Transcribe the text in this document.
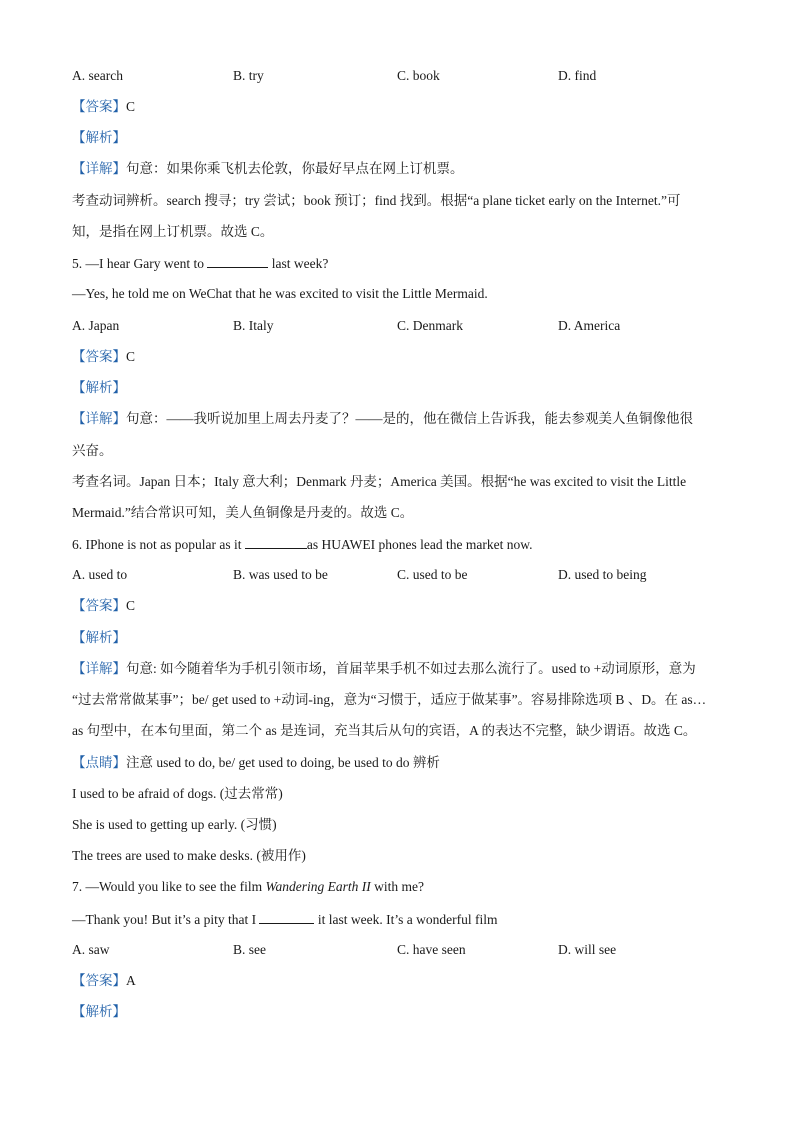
A. search	B. try	C. book	D. find
【答案】C
【解析】
【详解】句意：如果你乘飞机去伦敦，你最好早点在网上订机票。
考查动词辨析。search 搜寻；try 尝试；book 预订；find 找到。根据“a plane ticket early on the Internet.”可
知，是指在网上订机票。故选 C。
5. —I hear Gary went to	last week?
—Yes, he told me on WeChat that he was excited to visit the Little Mermaid.
A. Japan	B. Italy	C. Denmark	D. America
【答案】C
【解析】
【详解】句意：——我听说加里上周去丹麦了？——是的，他在微信上告诉我，能去参观美人鱼铜像他很
兴奋。
考查名词。Japan 日本；Italy 意大利；Denmark 丹麦；America 美国。根据“he was excited to visit the Little
Mermaid.”结合常识可知，美人鱼铜像是丹麦的。故选 C。
6. IPhone is not as popular as it	as HUAWEI phones lead the market now.
A. used to	B. was used to be	C. used to be	D. used to being
【答案】C
【解析】
【详解】句意: 如今随着华为手机引领市场，首届苹果手机不如过去那么流行了。used to +动词原形，意为
“过去常常做某事”；be/ get used to +动词-ing，意为“习惯于，适应于做某事”。容易排除选项 B 、D。在 as…
as 句型中，在本句里面，第二个 as 是连词，充当其后从句的宾语，A 的表达不完整，缺少谓语。故选 C。
【点睛】注意 used to do, be/ get used to doing, be used to do 辨析
I used to be afraid of dogs. (过去常常)
She is used to getting up early. (习惯)
The trees are used to make desks. (被用作)
7. —Would you like to see the film Wandering Earth II with me?
—Thank you! But it’s a pity that I	it last week. It’s a wonderful film
A. saw	B. see	C. have seen	D. will see
【答案】A
【解析】
